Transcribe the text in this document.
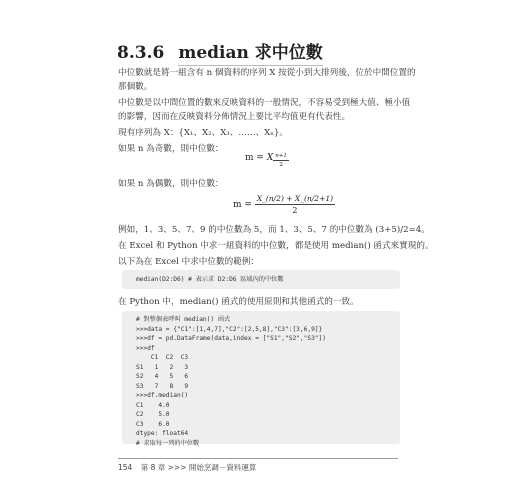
8.3.6 median 求中位數
中位數就是將一組含有 n 個資料的序列 X 按從小到大排列後，位於中間位置的
那個數。
中位數是以中間位置的數來反映資料的一般情況，不容易受到極大值、極小值
的影響，因而在反映資料分佈情況上要比平均值更有代表性。
現有序列為 X：{X₁、X₂、X₃、……、Xₙ}。
如果 n 為奇數，則中位數：
m = X $\frac{n+1}{2}$
如果 n 為偶數，則中位數：
$m = \frac{X\_(n/2) + X\_(n/2+1)}{2}$
例如，1、3、5、7、9 的中位數為 5，而 1、3、5、7 的中位數為 (3+5)/2=4。
在 Excel 和 Python 中求一組資料的中位數，都是使用 median() 函式來實現的。
以下為在 Excel 中求中位數的範例：
median(D2:D6) # 表示求 D2:D6 區域內的中位數
在 Python 中，median() 函式的使用原則和其他函式的一致。
# 對整個表呼叫 median() 函式
>>>data = {"C1":[1,4,7],"C2":[2,5,8],"C3":[3,6,9]}
>>>df = pd.DataFrame(data,index = ["S1","S2","S3"])
>>>df
C1  C2  C3
S1   1   2   3
S2   4   5   6
S3   7   8   9
>>>df.median()
C1    4.0
C2    5.0
C3    6.0
dtype: float64
# 求取每一列的中位數
154 第 8 章 >>> 開始烹調－資料運算
